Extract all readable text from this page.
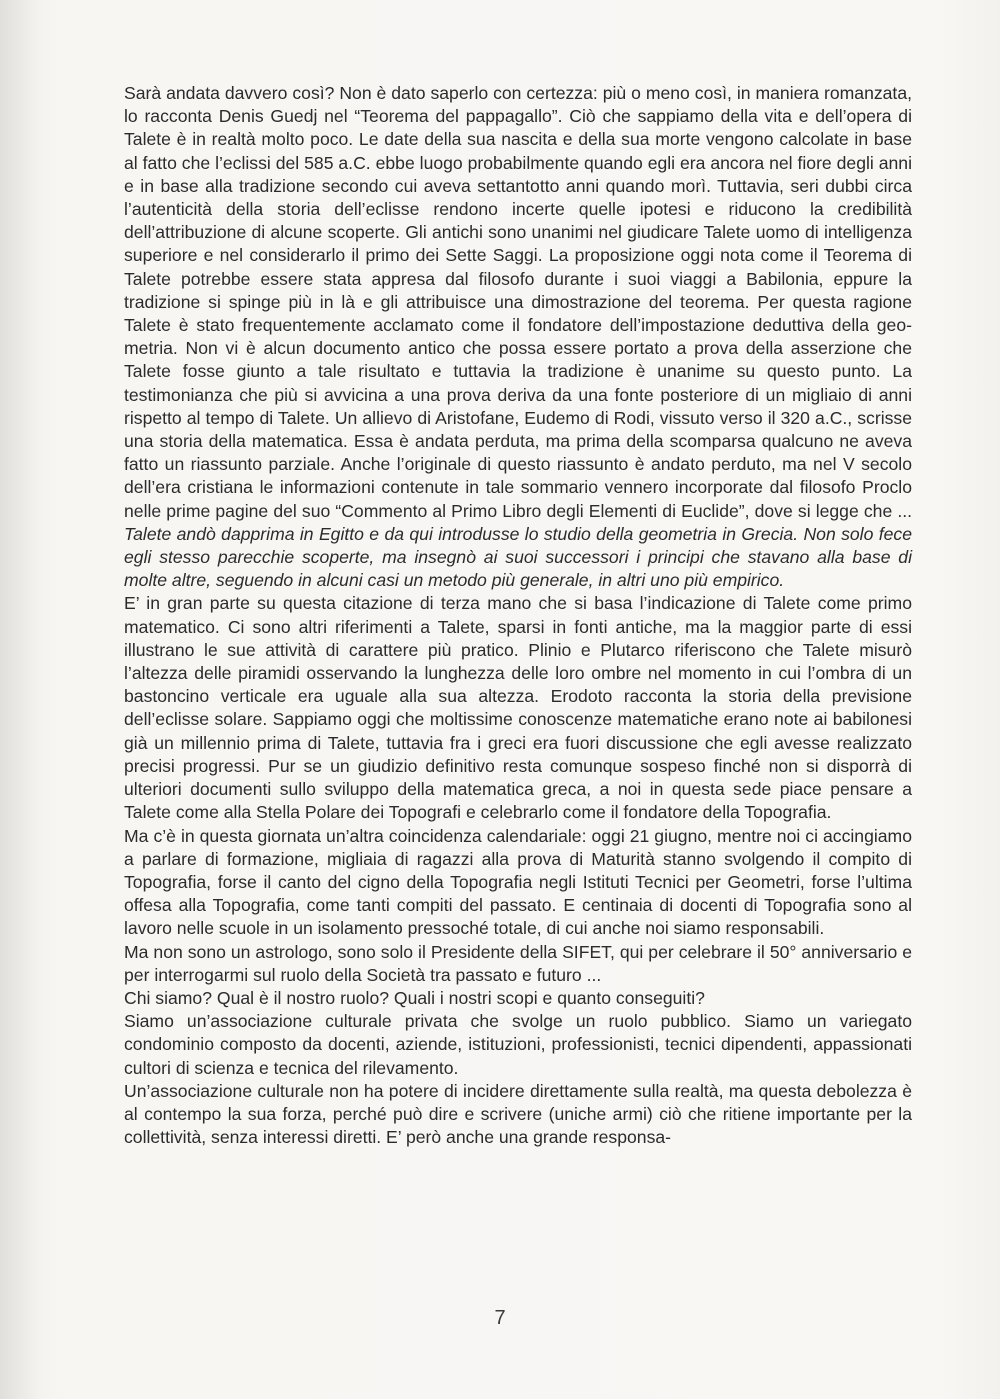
Sarà andata davvero così? Non è dato saperlo con certezza: più o meno così, in maniera romanzata, lo racconta Denis Guedj nel “Teorema del pappagallo”. Ciò che sappiamo della vita e dell’opera di Talete è in realtà molto poco. Le date della sua nascita e della sua morte vengono calcolate in base al fatto che l’eclissi del 585 a.C. ebbe luogo probabilmente quando egli era ancora nel fiore degli anni e in base alla tradizione secondo cui aveva settantotto anni quando morì. Tuttavia, seri dubbi circa l’autenticità della storia dell’eclisse rendono incerte quelle ipotesi e riducono la credibilità dell’attribuzione di alcune scoperte. Gli antichi sono unanimi nel giudicare Talete uomo di intelligenza superiore e nel considerarlo il primo dei Sette Saggi. La proposizione oggi nota come il Teorema di Talete potrebbe essere stata appresa dal filosofo durante i suoi viaggi a Babilonia, eppure la tradizione si spinge più in là e gli attribuisce una dimostrazione del teorema. Per questa ragione Talete è stato frequentemente acclamato come il fondatore dell’impostazione deduttiva della geometria. Non vi è alcun documento antico che possa essere portato a prova della asserzione che Talete fosse giunto a tale risultato e tuttavia la tradizione è unanime su questo punto. La testimonianza che più si avvicina a una prova deriva da una fonte posteriore di un migliaio di anni rispetto al tempo di Talete. Un allievo di Aristofane, Eudemo di Rodi, vissuto verso il 320 a.C., scrisse una storia della matematica. Essa è andata perduta, ma prima della scomparsa qualcuno ne aveva fatto un riassunto parziale. Anche l’originale di questo riassunto è andato perduto, ma nel V secolo dell’era cristiana le informazioni contenute in tale sommario vennero incorporate dal filosofo Proclo nelle prime pagine del suo “Commento al Primo Libro degli Elementi di Euclide”, dove si legge che ... Talete andò dapprima in Egitto e da qui introdusse lo studio della geometria in Grecia. Non solo fece egli stesso parecchie scoperte, ma insegnò ai suoi successori i principi che stavano alla base di molte altre, seguendo in alcuni casi un metodo più generale, in altri uno più empirico.

E’ in gran parte su questa citazione di terza mano che si basa l’indicazione di Talete come primo matematico. Ci sono altri riferimenti a Talete, sparsi in fonti antiche, ma la maggior parte di essi illustrano le sue attività di carattere più pratico. Plinio e Plutarco riferiscono che Talete misurò l’altezza delle piramidi osservando la lunghezza delle loro ombre nel momento in cui l’ombra di un bastoncino verticale era uguale alla sua altezza. Erodoto racconta la storia della previsione dell’eclisse solare. Sappiamo oggi che moltissime conoscenze matematiche erano note ai babilonesi già un millennio prima di Talete, tuttavia fra i greci era fuori discussione che egli avesse realizzato precisi progressi. Pur se un giudizio definitivo resta comunque sospeso finché non si disporrà di ulteriori documenti sullo sviluppo della matematica greca, a noi in questa sede piace pensare a Talete come alla Stella Polare dei Topografi e celebrarlo come il fondatore della Topografia.

Ma c’è in questa giornata un’altra coincidenza calendariale: oggi 21 giugno, mentre noi ci accingiamo a parlare di formazione, migliaia di ragazzi alla prova di Maturità stanno svolgendo il compito di Topografia, forse il canto del cigno della Topografia negli Istituti Tecnici per Geometri, forse l’ultima offesa alla Topografia, come tanti compiti del passato. E centinaia di docenti di Topografia sono al lavoro nelle scuole in un isolamento pressoché totale, di cui anche noi siamo responsabili.

Ma non sono un astrologo, sono solo il Presidente della SIFET, qui per celebrare il 50° anniversario e per interrogarmi sul ruolo della Società tra passato e futuro ...

Chi siamo? Qual è il nostro ruolo? Quali i nostri scopi e quanto conseguiti?

Siamo un’associazione culturale privata che svolge un ruolo pubblico. Siamo un variegato condominio composto da docenti, aziende, istituzioni, professionisti, tecnici dipendenti, appassionati cultori di scienza e tecnica del rilevamento.

Un’associazione culturale non ha potere di incidere direttamente sulla realtà, ma questa debolezza è al contempo la sua forza, perché può dire e scrivere (uniche armi) ciò che ritiene importante per la collettività, senza interessi diretti. E’ però anche una grande responsa-

7
